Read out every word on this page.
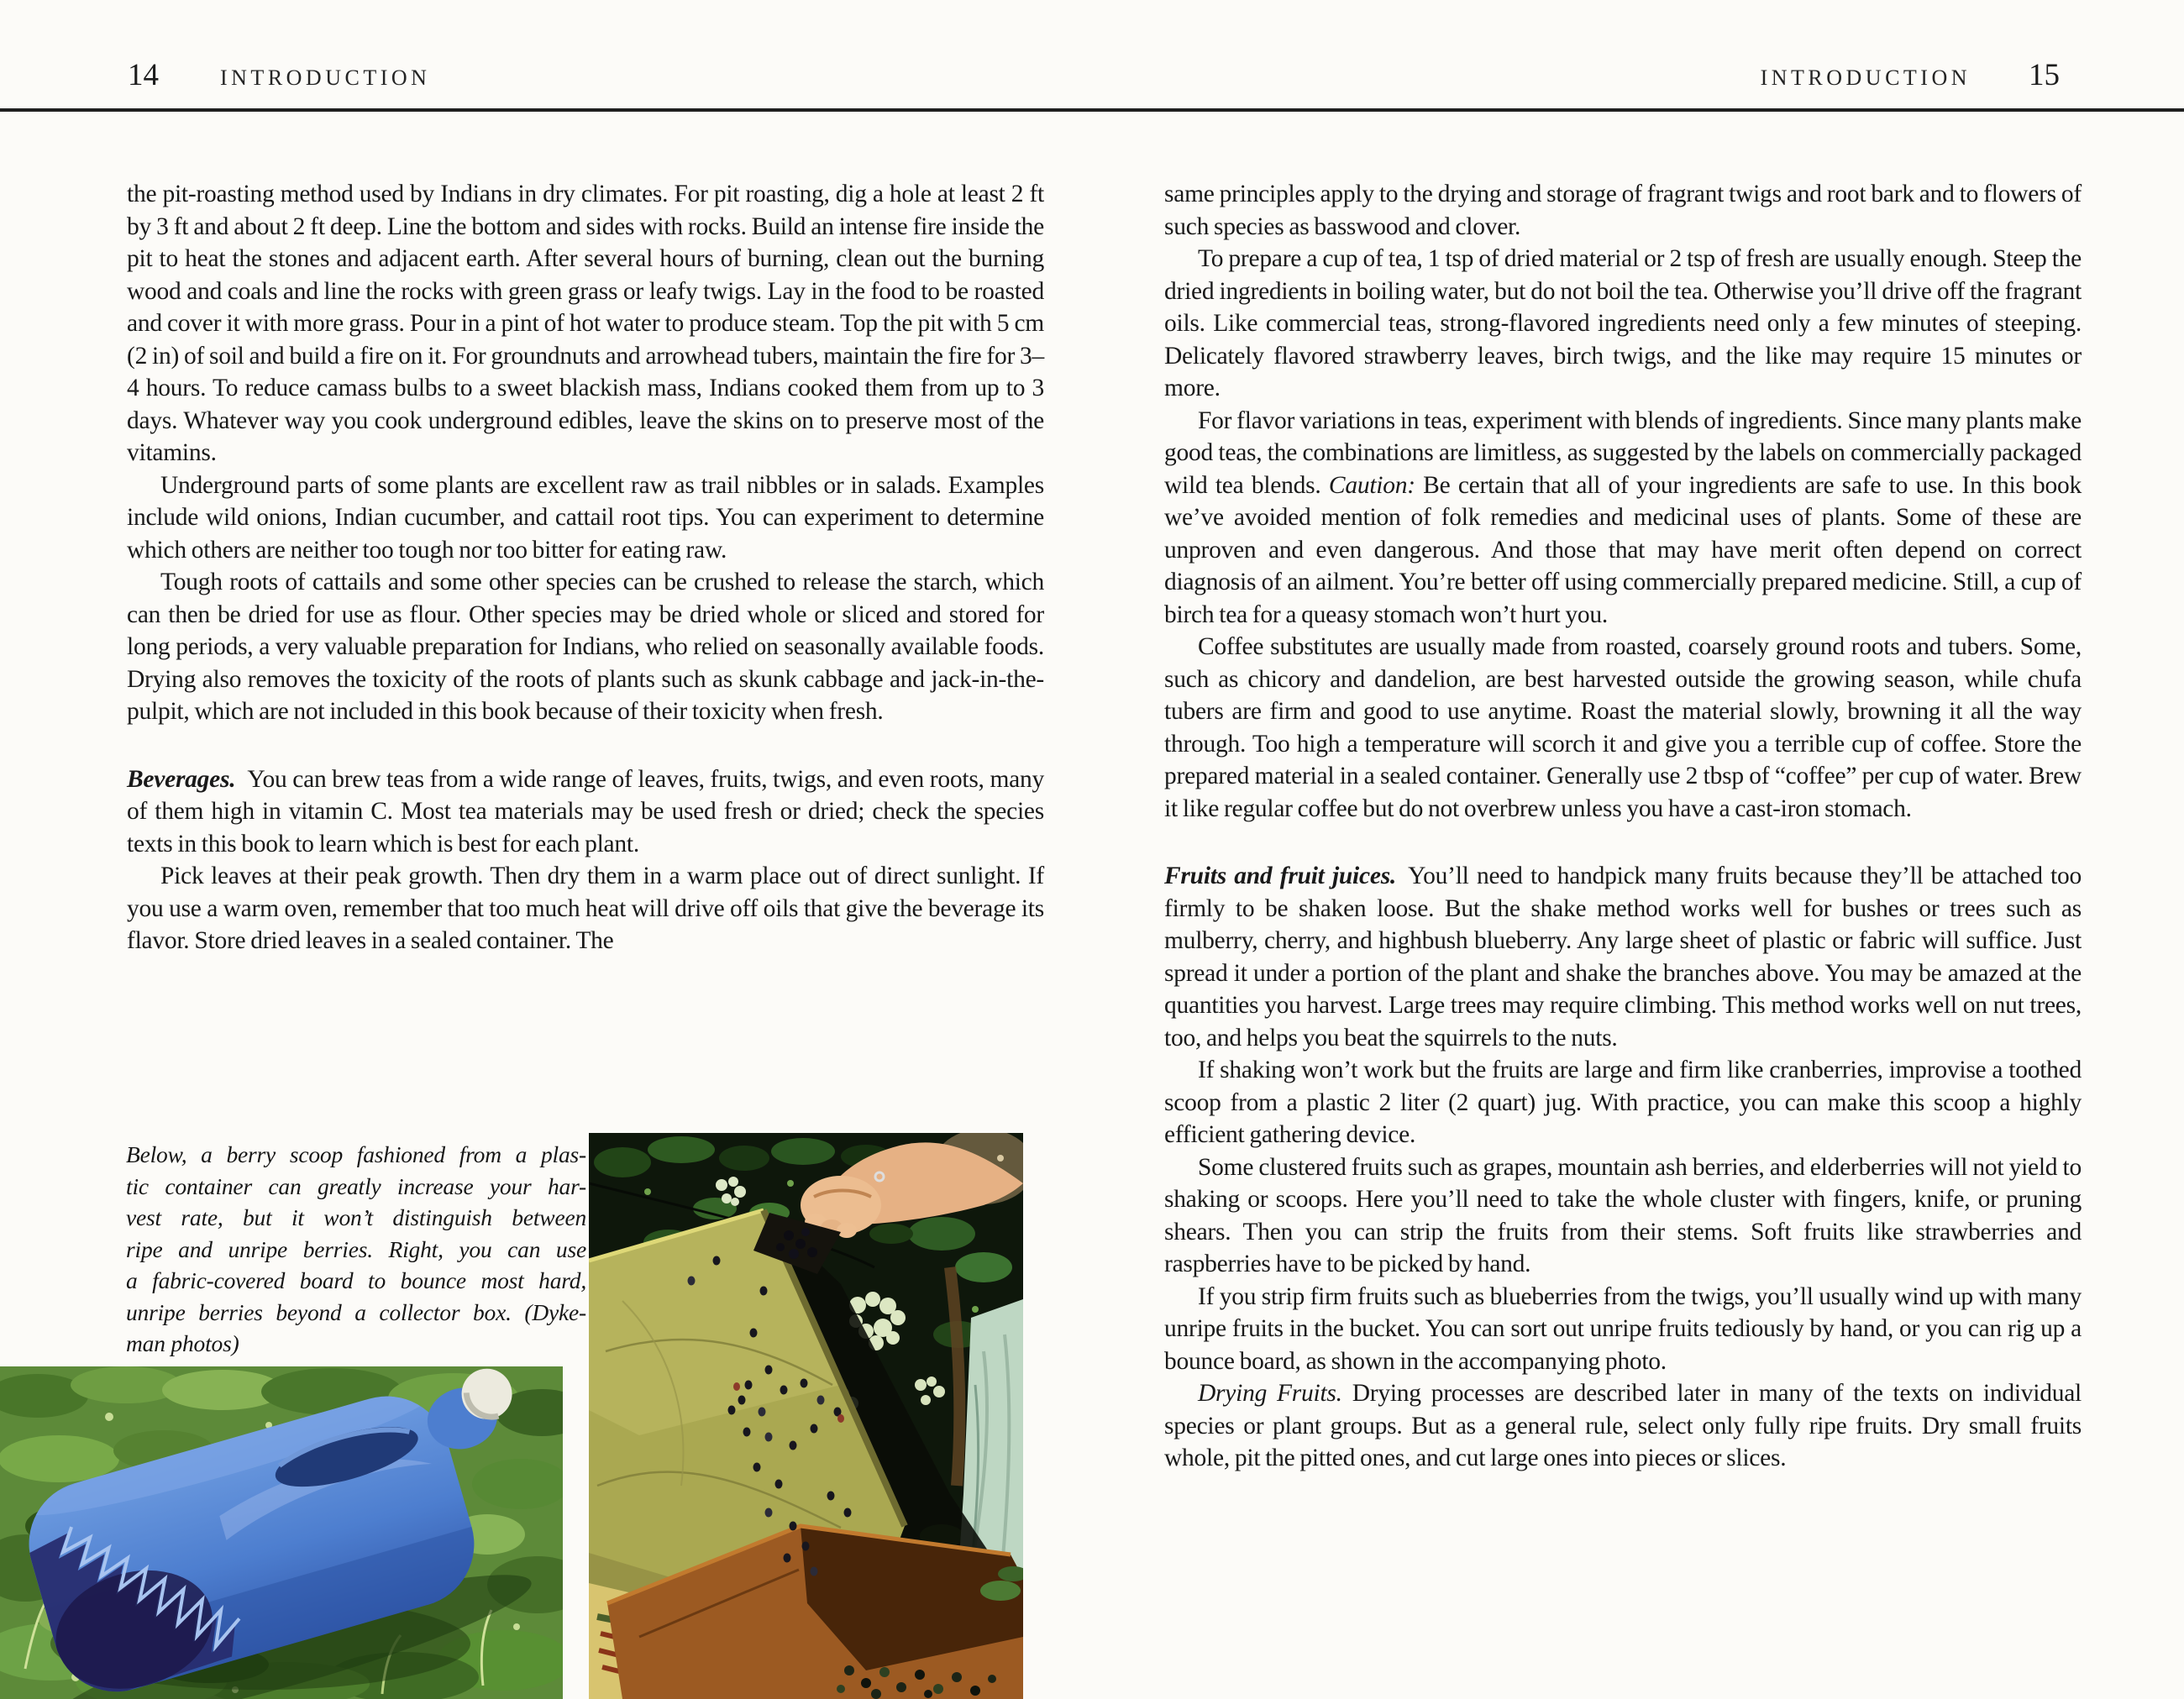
14	INTRODUCTION	INTRODUCTION 15

the pit-roasting method used by Indians in dry climates. For pit roasting, dig a hole at least 2 ft by 3 ft and about 2 ft deep. Line the bottom and sides with rocks. Build an intense fire inside the pit to heat the stones and adjacent earth. After several hours of burning, clean out the burning wood and coals and line the rocks with green grass or leafy twigs. Lay in the food to be roasted and cover it with more grass. Pour in a pint of hot water to produce steam. Top the pit with 5 cm (2 in) of soil and build a fire on it. For groundnuts and arrowhead tubers, maintain the fire for 3–4 hours. To reduce camass bulbs to a sweet blackish mass, Indians cooked them from up to 3 days. Whatever way you cook underground edibles, leave the skins on to preserve most of the vitamins.

Underground parts of some plants are excellent raw as trail nibbles or in salads. Examples include wild onions, Indian cucumber, and cattail root tips. You can experiment to determine which others are neither too tough nor too bitter for eating raw.

Tough roots of cattails and some other species can be crushed to release the starch, which can then be dried for use as flour. Other species may be dried whole or sliced and stored for long periods, a very valuable preparation for Indians, who relied on seasonally available foods. Drying also removes the toxicity of the roots of plants such as skunk cabbage and jack-in-the-pulpit, which are not included in this book because of their toxicity when fresh.

Beverages. You can brew teas from a wide range of leaves, fruits, twigs, and even roots, many of them high in vitamin C. Most tea materials may be used fresh or dried; check the species texts in this book to learn which is best for each plant.

Pick leaves at their peak growth. Then dry them in a warm place out of direct sunlight. If you use a warm oven, remember that too much heat will drive off oils that give the beverage its flavor. Store dried leaves in a sealed container. The

same principles apply to the drying and storage of fragrant twigs and root bark and to flowers of such species as basswood and clover.

To prepare a cup of tea, 1 tsp of dried material or 2 tsp of fresh are usually enough. Steep the dried ingredients in boiling water, but do not boil the tea. Otherwise you’ll drive off the fragrant oils. Like commercial teas, strong-flavored ingredients need only a few minutes of steeping. Delicately flavored strawberry leaves, birch twigs, and the like may require 15 minutes or more.

For flavor variations in teas, experiment with blends of ingredients. Since many plants make good teas, the combinations are limitless, as suggested by the labels on commercially packaged wild tea blends. Caution: Be certain that all of your ingredients are safe to use. In this book we’ve avoided mention of folk remedies and medicinal uses of plants. Some of these are unproven and even dangerous. And those that may have merit often depend on correct diagnosis of an ailment. You’re better off using commercially prepared medicine. Still, a cup of birch tea for a queasy stomach won’t hurt you.

Coffee substitutes are usually made from roasted, coarsely ground roots and tubers. Some, such as chicory and dandelion, are best harvested outside the growing season, while chufa tubers are firm and good to use anytime. Roast the material slowly, browning it all the way through. Too high a temperature will scorch it and give you a terrible cup of coffee. Store the prepared material in a sealed container. Generally use 2 tbsp of “coffee” per cup of water. Brew it like regular coffee but do not overbrew unless you have a cast-iron stomach.

Fruits and fruit juices. You’ll need to handpick many fruits because they’ll be attached too firmly to be shaken loose. But the shake method works well for bushes or trees such as mulberry, cherry, and highbush blueberry. Any large sheet of plastic or fabric will suffice. Just spread it under a portion of the plant and shake the branches above. You may be amazed at the quantities you harvest. Large trees may require climbing. This method works well on nut trees, too, and helps you beat the squirrels to the nuts.

If shaking won’t work but the fruits are large and firm like cranberries, improvise a toothed scoop from a plastic 2 liter (2 quart) jug. With practice, you can make this scoop a highly efficient gathering device.

Some clustered fruits such as grapes, mountain ash berries, and elderberries will not yield to shaking or scoops. Here you’ll need to take the whole cluster with fingers, knife, or pruning shears. Then you can strip the fruits from their stems. Soft fruits like strawberries and raspberries have to be picked by hand.

If you strip firm fruits such as blueberries from the twigs, you’ll usually wind up with many unripe fruits in the bucket. You can sort out unripe fruits tediously by hand, or you can rig up a bounce board, as shown in the accompanying photo.

Drying Fruits. Drying processes are described later in many of the texts on individual species or plant groups. But as a general rule, select only fully ripe fruits. Dry small fruits whole, pit the pitted ones, and cut large ones into pieces or slices.

Below, a berry scoop fashioned from a plas-
tic container can greatly increase your har-
vest rate, but it won’t distinguish between
ripe and unripe berries. Right, you can use
a fabric-covered board to bounce most hard,
unripe berries beyond a collector box. (Dyke-
man photos)
